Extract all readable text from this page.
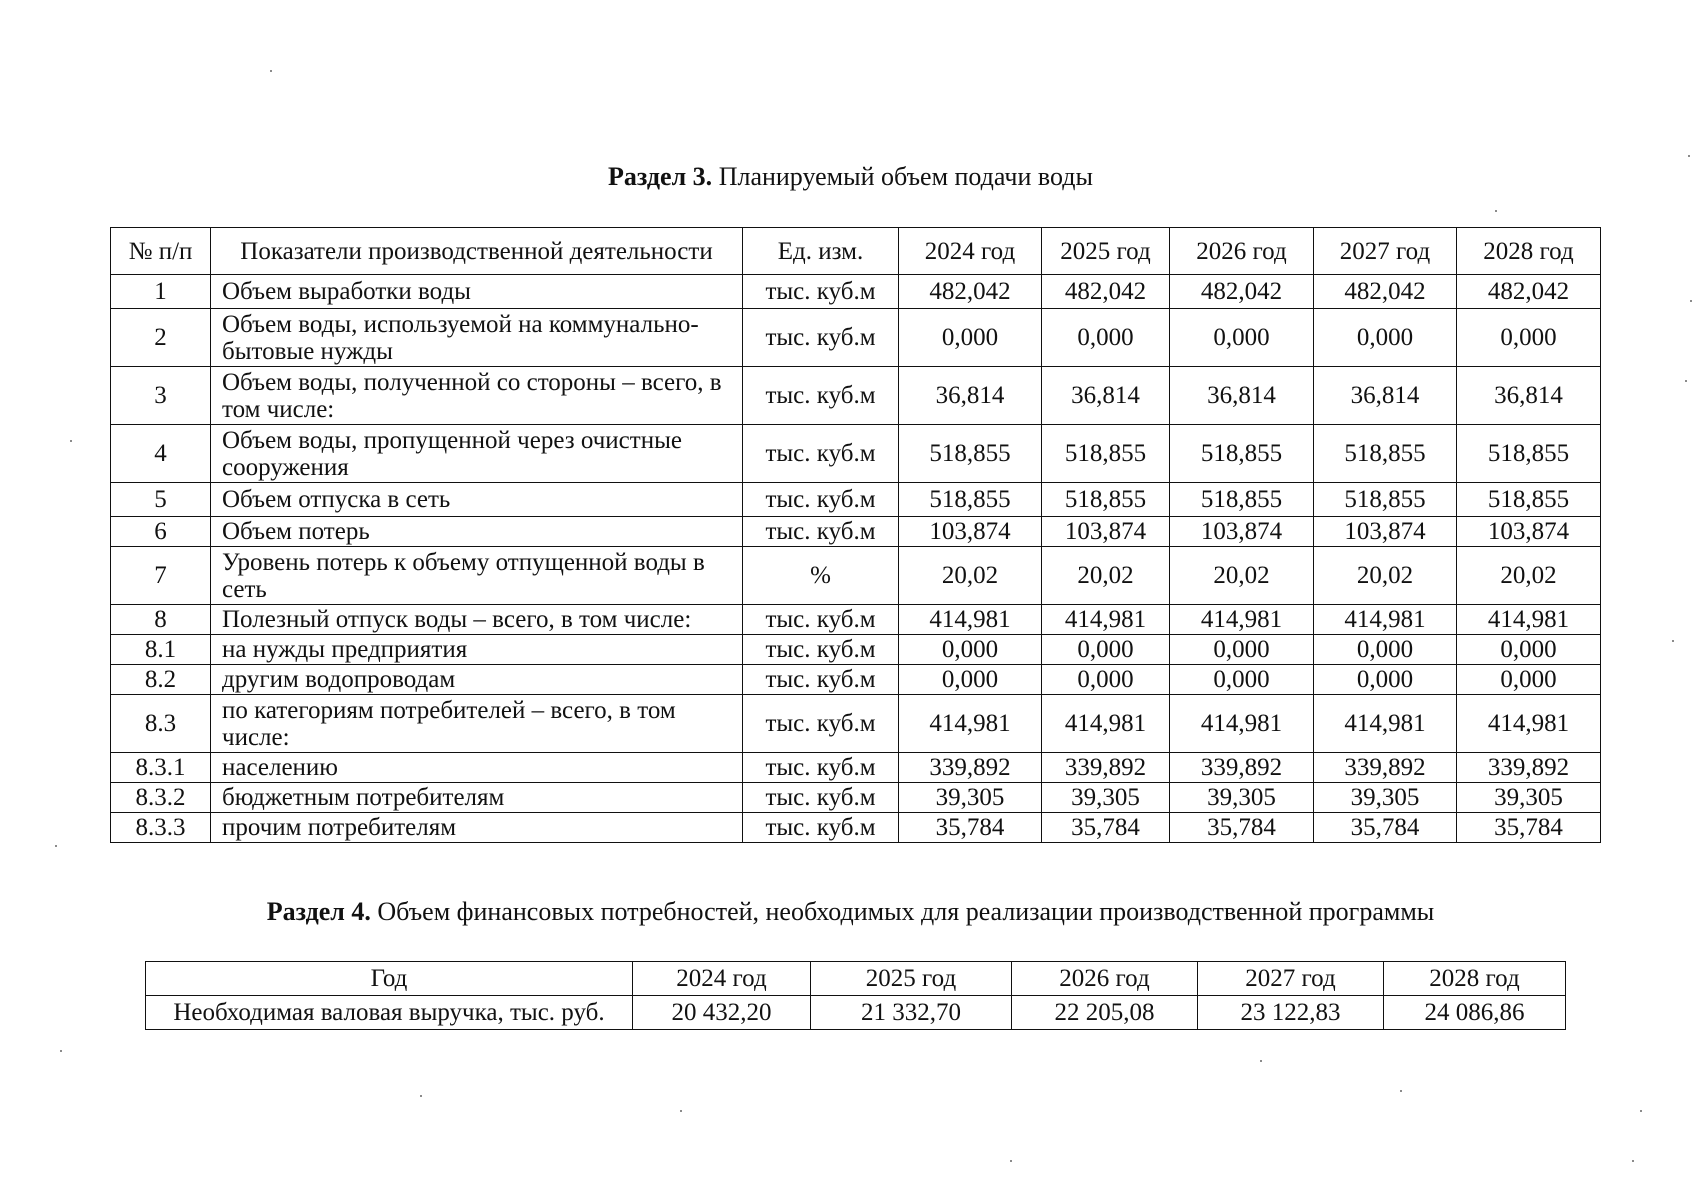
Раздел 3. Планируемый объем подачи воды
№ п/п	Показатели производственной деятельности	Ед. изм.	2024 год	2025 год	2026 год	2027 год	2028 год
1	Объем выработки воды	тыс. куб.м	482,042	482,042	482,042	482,042	482,042
2	Объем воды, используемой на коммунально-бытовые нужды	тыс. куб.м	0,000	0,000	0,000	0,000	0,000
3	Объем воды, полученной со стороны – всего, в том числе:	тыс. куб.м	36,814	36,814	36,814	36,814	36,814
4	Объем воды, пропущенной через очистные сооружения	тыс. куб.м	518,855	518,855	518,855	518,855	518,855
5	Объем отпуска в сеть	тыс. куб.м	518,855	518,855	518,855	518,855	518,855
6	Объем потерь	тыс. куб.м	103,874	103,874	103,874	103,874	103,874
7	Уровень потерь к объему отпущенной воды в сеть	%	20,02	20,02	20,02	20,02	20,02
8	Полезный отпуск воды – всего, в том числе:	тыс. куб.м	414,981	414,981	414,981	414,981	414,981
8.1	на нужды предприятия	тыс. куб.м	0,000	0,000	0,000	0,000	0,000
8.2	другим водопроводам	тыс. куб.м	0,000	0,000	0,000	0,000	0,000
8.3	по категориям потребителей – всего, в том числе:	тыс. куб.м	414,981	414,981	414,981	414,981	414,981
8.3.1	населению	тыс. куб.м	339,892	339,892	339,892	339,892	339,892
8.3.2	бюджетным потребителям	тыс. куб.м	39,305	39,305	39,305	39,305	39,305
8.3.3	прочим потребителям	тыс. куб.м	35,784	35,784	35,784	35,784	35,784
Раздел 4. Объем финансовых потребностей, необходимых для реализации производственной программы
Год	2024 год	2025 год	2026 год	2027 год	2028 год
Необходимая валовая выручка, тыс. руб.	20 432,20	21 332,70	22 205,08	23 122,83	24 086,86
